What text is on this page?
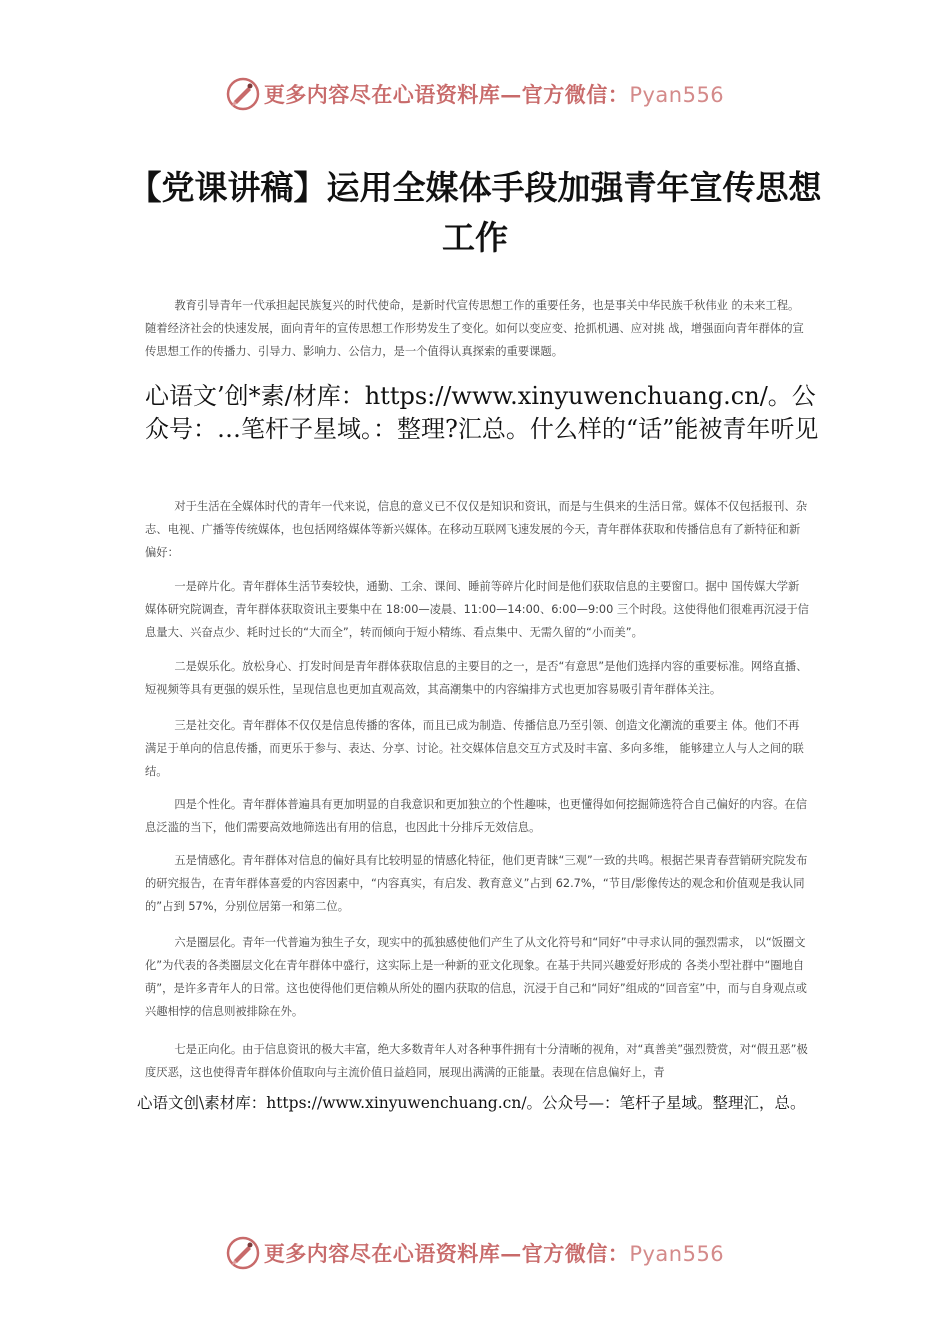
更多内容尽在心语资料库—官方微信：Pyan556
【党课讲稿】运用全媒体手段加强青年宣传思想工作
教育引导青年一代承担起民族复兴的时代使命，是新时代宣传思想工作的重要任务，也是事关中华民族千秋伟业 的未来工程。随着经济社会的快速发展，面向青年的宣传思想工作形势发生了变化。如何以变应变、抢抓机遇、应对挑 战，增强面向青年群体的宣传思想工作的传播力、引导力、影响力、公信力，是一个值得认真探索的重要课题。
心语文’创*素/材库：https://www.xinyuwenchuang.cn/。公众号：…笔杆子星域。：整理?汇总。什么样的“话”能被青年听见
对于生活在全媒体时代的青年一代来说，信息的意义已不仅仅是知识和资讯，而是与生俱来的生活日常。媒体不仅包括报刊、杂志、电视、广播等传统媒体，也包括网络媒体等新兴媒体。在移动互联网飞速发展的今天，青年群体获取和传播信息有了新特征和新偏好：
一是碎片化。青年群体生活节奏较快，通勤、工余、课间、睡前等碎片化时间是他们获取信息的主要窗口。据中 国传媒大学新媒体研究院调查，青年群体获取资讯主要集中在 18:00—凌晨、11:00—14:00、6:00—9:00 三个时段。这使得他们很难再沉浸于信息量大、兴奋点少、耗时过长的“大而全”，转而倾向于短小精练、看点集中、无需久留的“小而美”。
二是娱乐化。放松身心、打发时间是青年群体获取信息的主要目的之一，是否“有意思”是他们选择内容的重要标准。网络直播、短视频等具有更强的娱乐性，呈现信息也更加直观高效，其高潮集中的内容编排方式也更加容易吸引青年群体关注。
三是社交化。青年群体不仅仅是信息传播的客体，而且已成为制造、传播信息乃至引领、创造文化潮流的重要主 体。他们不再满足于单向的信息传播，而更乐于参与、表达、分享、讨论。社交媒体信息交互方式及时丰富、多向多维， 能够建立人与人之间的联结。
四是个性化。青年群体普遍具有更加明显的自我意识和更加独立的个性趣味，也更懂得如何挖掘筛选符合自己偏好的内容。在信息泛滥的当下，他们需要高效地筛选出有用的信息，也因此十分排斥无效信息。
五是情感化。青年群体对信息的偏好具有比较明显的情感化特征，他们更青睐“三观”一致的共鸣。根据芒果青春营销研究院发布的研究报告，在青年群体喜爱的内容因素中，“内容真实，有启发、教育意义”占到 62.7%，“节目/影像传达的观念和价值观是我认同的”占到 57%，分别位居第一和第二位。
六是圈层化。青年一代普遍为独生子女，现实中的孤独感使他们产生了从文化符号和“同好”中寻求认同的强烈需求， 以“饭圈文化”为代表的各类圈层文化在青年群体中盛行，这实际上是一种新的亚文化现象。在基于共同兴趣爱好形成的 各类小型社群中“圈地自萌”，是许多青年人的日常。这也使得他们更信赖从所处的圈内获取的信息，沉浸于自己和“同好”组成的“回音室”中，而与自身观点或兴趣相悖的信息则被排除在外。
七是正向化。由于信息资讯的极大丰富，绝大多数青年人对各种事件拥有十分清晰的视角，对“真善美”强烈赞赏，对“假丑恶”极度厌恶，这也使得青年群体价值取向与主流价值日益趋同，展现出满满的正能量。表现在信息偏好上，青
心语文创\素材库：https://www.xinyuwenchuang.cn/。公众号—：笔杆子星域。整理汇，总。
更多内容尽在心语资料库—官方微信：Pyan556
